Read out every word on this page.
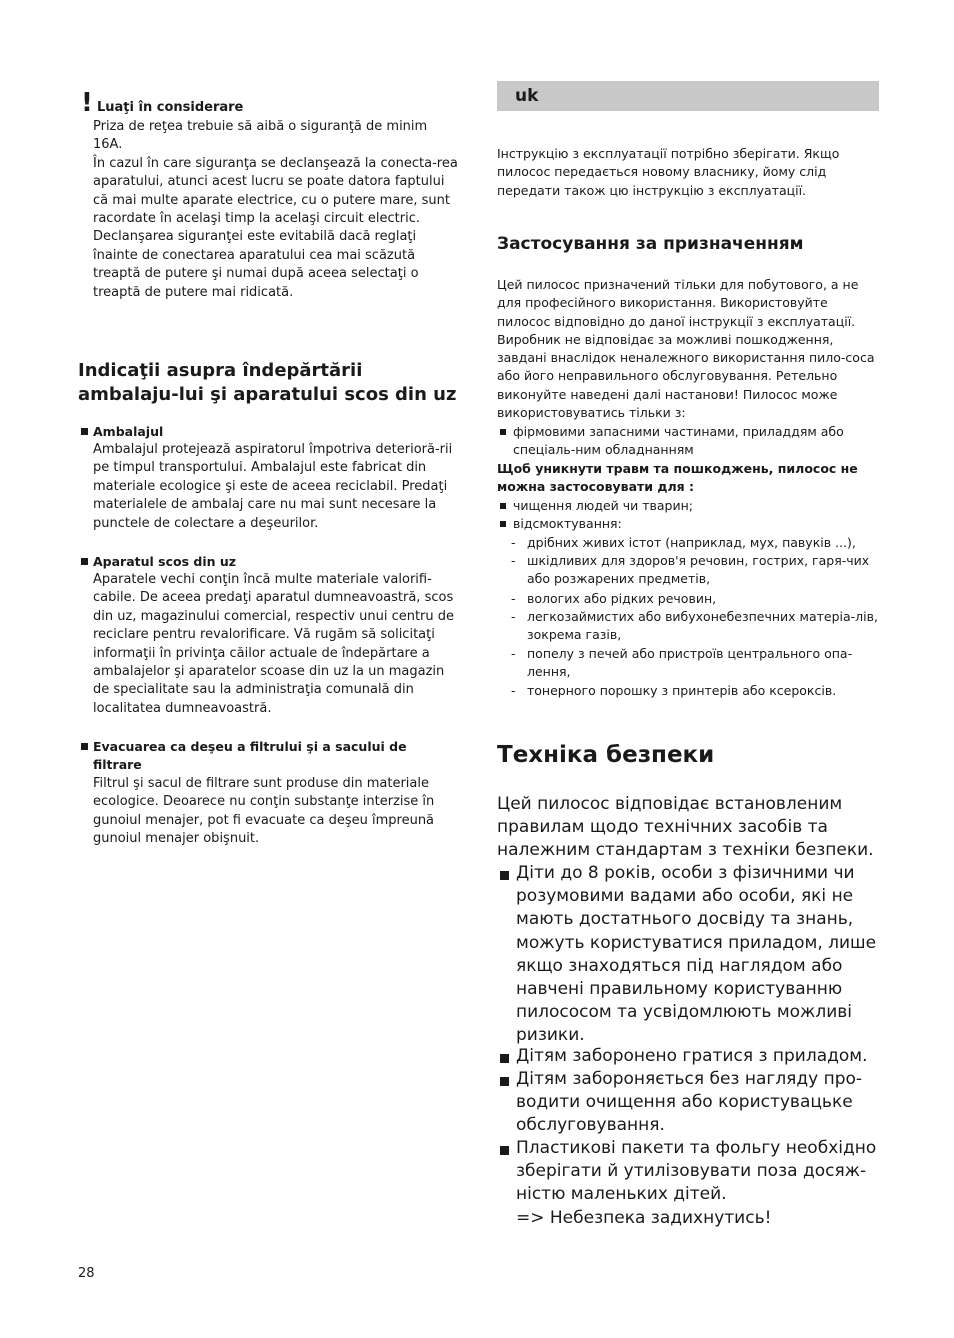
! Luaţi în considerare

Priza de reţea trebuie să aibă o siguranţă de minim 16A.
În cazul în care siguranţa se declanşează la conecta-rea aparatului, atunci acest lucru se poate datora faptului că mai multe aparate electrice, cu o putere mare, sunt racordate în acelaşi timp la acelaşi circuit electric.
Declanşarea siguranţei este evitabilă dacă reglaţi înainte de conectarea aparatului cea mai scăzută treaptă de putere şi numai după aceea selectaţi o treaptă de putere mai ridicată.

Indicaţii asupra îndepărtării ambalaju-lui şi aparatului scos din uz
Ambalajul

Ambalajul protejează aspiratorul împotriva deterioră-rii pe timpul transportului. Ambalajul este fabricat din materiale ecologice şi este de aceea reciclabil. Predaţi materialele de ambalaj care nu mai sunt necesare la punctele de colectare a deşeurilor.

Aparatul scos din uz

Aparatele vechi conţin încă multe materiale valorifi-cabile. De aceea predaţi aparatul dumneavoastră, scos din uz, magazinului comercial, respectiv unui centru de reciclare pentru revalorificare. Vă rugăm să solicitaţi informaţii în privinţa căilor actuale de îndepărtare a ambalajelor şi aparatelor scoase din uz la un magazin de specialitate sau la administraţia comunală din localitatea dumneavoastră.

Evacuarea ca deşeu a filtrului şi a sacului de filtrare

Filtrul şi sacul de filtrare sunt produse din materiale ecologice. Deoarece nu conţin substanţe interzise în gunoiul menajer, pot fi evacuate ca deşeu împreună gunoiul menajer obişnuit.

uk

Інструкцію з експлуатації потрібно зберігати. Якщо пилосос передається новому власнику, йому слід передати також цю інструкцію з експлуатації.

Застосування за призначенням

Цей пилосос призначений тільки для побутового, а не для професійного використання. Використовуйте пилосос відповідно до даної інструкції з експлуатації. Виробник не відповідає за можливі пошкодження, завдані внаслідок неналежного використання пило-соса або його неправильного обслуговування. Ретельно виконуйте наведені далі настанови! Пилосос може використовуватись тільки з:

фірмовими запасними частинами, приладдям або спеціаль-ним обладнанням
Щоб уникнути травм та пошкоджень, пилосос не можна застосовувати для :
чищення людей чи тварин;
відсмоктування:
- дрібних живих істот (наприклад, мух, павуків ...),
- шкідливих для здоров'я речовин, гострих, гаря-чих або розжарених предметів,
- вологих або рідких речовин,
- легкозаймистих або вибухонебезпечних матеріа-лів, зокрема газів,
- попелу з печей або пристроїв центрального опа-лення,
- тонерного порошку з принтерів або ксероксів.
Техніка безпеки

Цей пилосос відповідає встановленим правилам щодо технічних засобів та належним стандартам з техніки безпеки.

Діти до 8 років, особи з фізичними чи розумовими вадами або особи, які не мають достатнього досвіду та знань, можуть користуватися приладом, лише якщо знаходяться під наглядом або навчені правильному користуванню пилососом та усвідомлюють можливі ризики.
Дітям заборонено гратися з приладом.
Дітям забороняється без нагляду про-водити очищення або користувацьке обслуговування.
Пластикові пакети та фольгу необхідно зберігати й утилізовувати поза досяж-ністю маленьких дітей.
=> Небезпека задихнутись!
28
